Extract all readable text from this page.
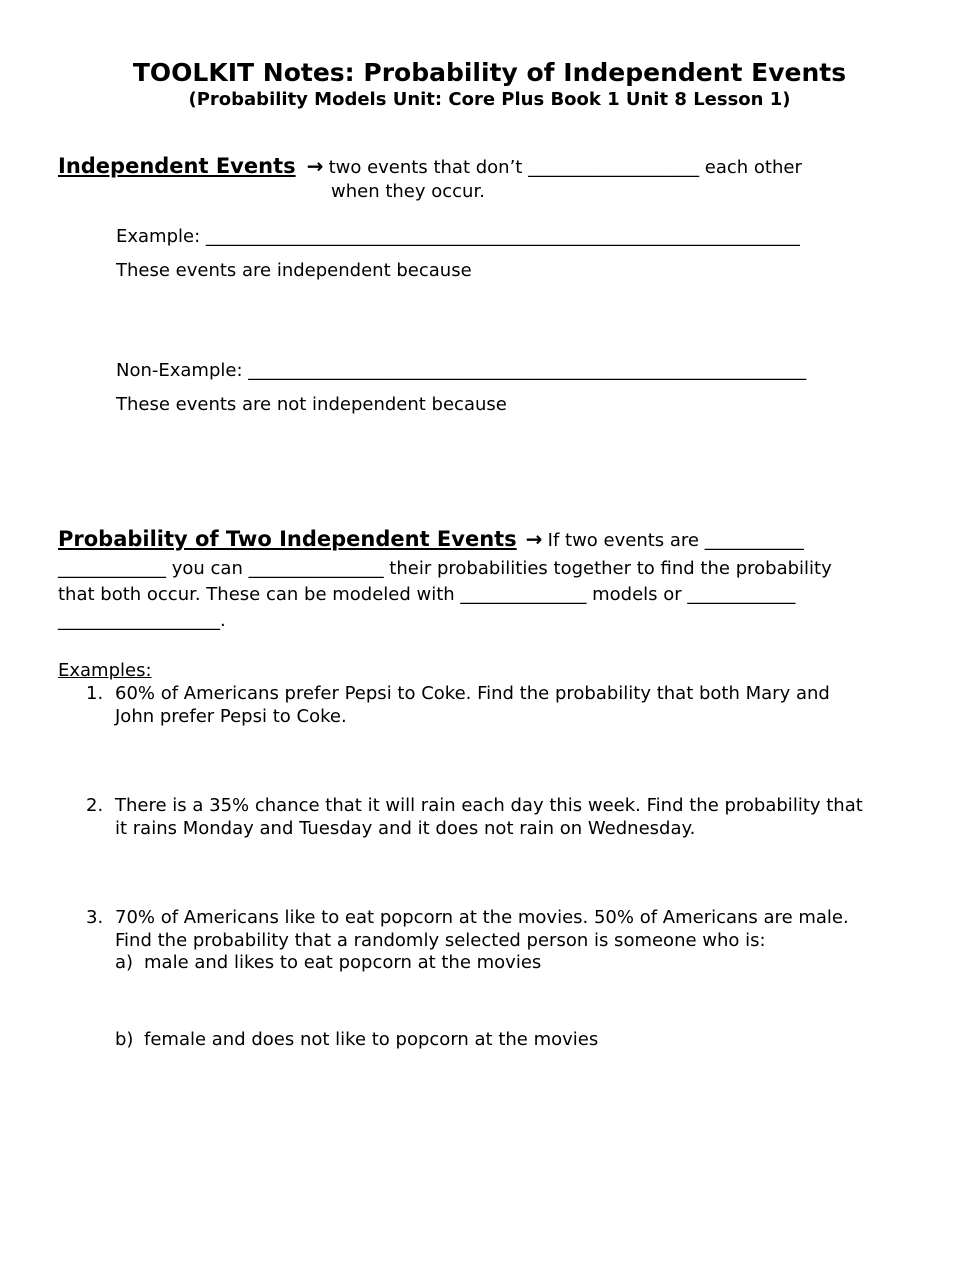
TOOLKIT Notes: Probability of Independent Events
(Probability Models Unit: Core Plus Book 1 Unit 8 Lesson 1)
Independent Events → two events that don’t ___________________ each other
when they occur.
Example: __________________________________________________________________
These events are independent because
Non-Example: ______________________________________________________________
These events are not independent because
Probability of Two Independent Events → If two events are ___________
____________ you can _______________ their probabilities together to find the probability
that both occur. These can be modeled with ______________ models or ____________
__________________.
Examples:
1. 60% of Americans prefer Pepsi to Coke. Find the probability that both Mary and
John prefer Pepsi to Coke.
2. There is a 35% chance that it will rain each day this week. Find the probability that
it rains Monday and Tuesday and it does not rain on Wednesday.
3. 70% of Americans like to eat popcorn at the movies. 50% of Americans are male.
Find the probability that a randomly selected person is someone who is:
a) male and likes to eat popcorn at the movies
b) female and does not like to popcorn at the movies
